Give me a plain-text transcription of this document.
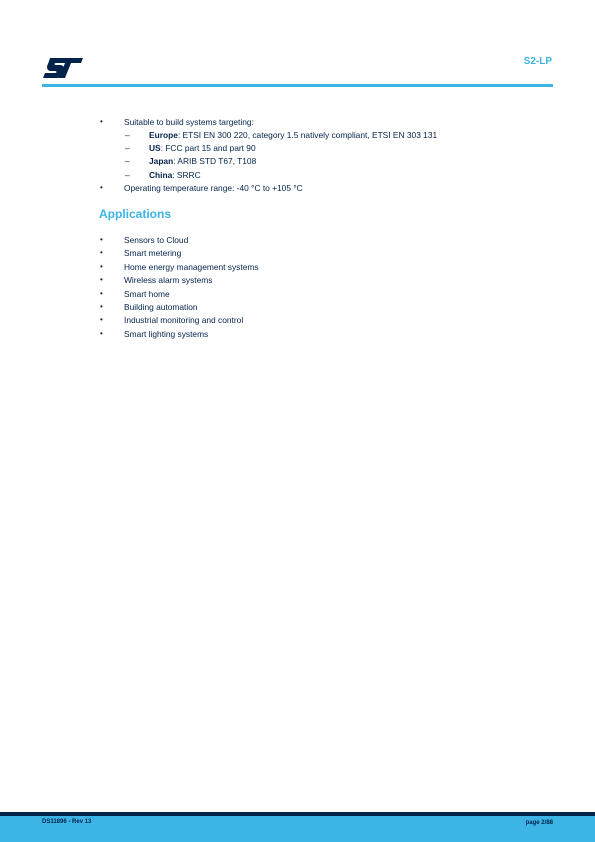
S2-LP
•	Suitable to build systems targeting:
– Europe: ETSI EN 300 220, category 1.5 natively compliant, ETSI EN 303 131
– US: FCC part 15 and part 90
– Japan: ARIB STD T67, T108
– China: SRRC
•	Operating temperature range: -40 °C to +105 °C
Applications
•	Sensors to Cloud
•	Smart metering
•	Home energy management systems
•	Wireless alarm systems
•	Smart home
•	Building automation
•	Industrial monitoring and control
•	Smart lighting systems
DS11896 - Rev 13	page 2/88
